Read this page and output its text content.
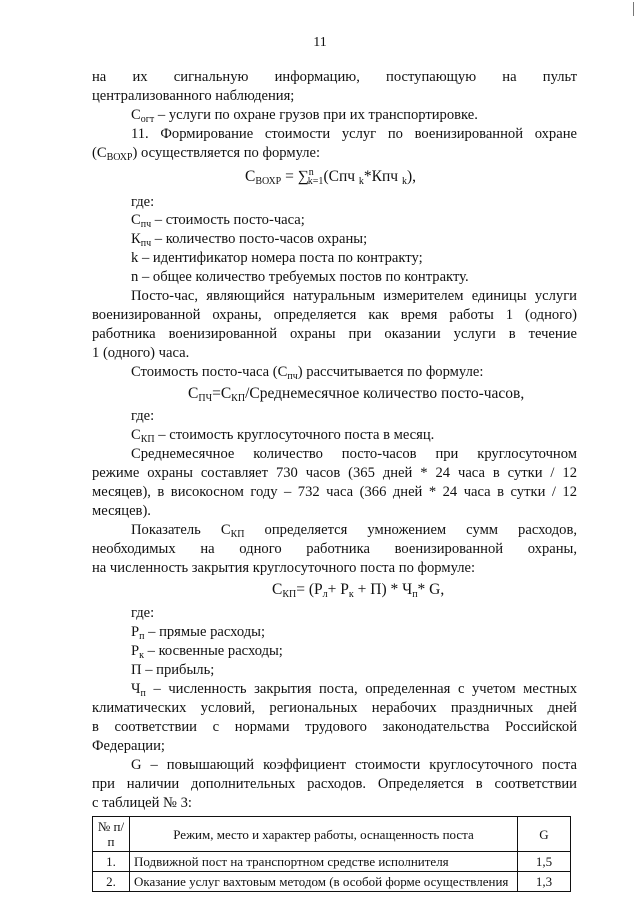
11
на их сигнальную информацию, поступающую на пульт
централизованного наблюдения;
$С_{огт}$ – услуги по охране грузов при их транспортировке.
11. Формирование стоимости услуг по военизированной охране
$(С_{ВОХР})$ осуществляется по формуле:
$С_{ВОХР} = \sum^n_{k=1}(Спч$ $_k$*Кпч $_k$),
где:
$С_{пч}$ – стоимость посто-часа;
$К_{пч}$ – количество посто-часов охраны;
k – идентификатор номера поста по контракту;
n – общее количество требуемых постов по контракту.
Посто-час, являющийся натуральным измерителем единицы услуги
военизированной охраны, определяется как время работы 1 (одного)
работника военизированной охраны при оказании услуги в течение
1 (одного) часа.
Стоимость посто-часа $(С_{пч})$ рассчитывается по формуле:
$С_{ПЧ}=С_{КП}$/Среднемесячное количество посто-часов,
где:
$С_{КП}$ – стоимость круглосуточного поста в месяц.
Среднемесячное количество посто-часов при круглосуточном
режиме охраны составляет 730 часов (365 дней * 24 часа в сутки / 12
месяцев), в високосном году – 732 часа (366 дней * 24 часа в сутки / 12
месяцев).
Показатель $С_{КП}$ определяется умножением сумм расходов,
необходимых на одного работника военизированной охраны,
на численность закрытия круглосуточного поста по формуле:
$С_{КП}= (Р_л+ Р_к + П) * Ч_п*$ G,
где:
$Р_п$ – прямые расходы;
$Р_к$ – косвенные расходы;
П – прибыль;
$Ч_п$ – численность закрытия поста, определенная с учетом местных
климатических условий, региональных нерабочих праздничных дней
в соответствии с нормами трудового законодательства Российской
Федерации;
G – повышающий коэффициент стоимости круглосуточного поста
при наличии дополнительных расходов. Определяется в соответствии
с таблицей № 3:
№ п/п	Режим, место и характер работы, оснащенность поста	G
1.	Подвижной пост на транспортном средстве исполнителя	1,5
2.	Оказание услуг вахтовым методом (в особой форме осуществления	1,3
